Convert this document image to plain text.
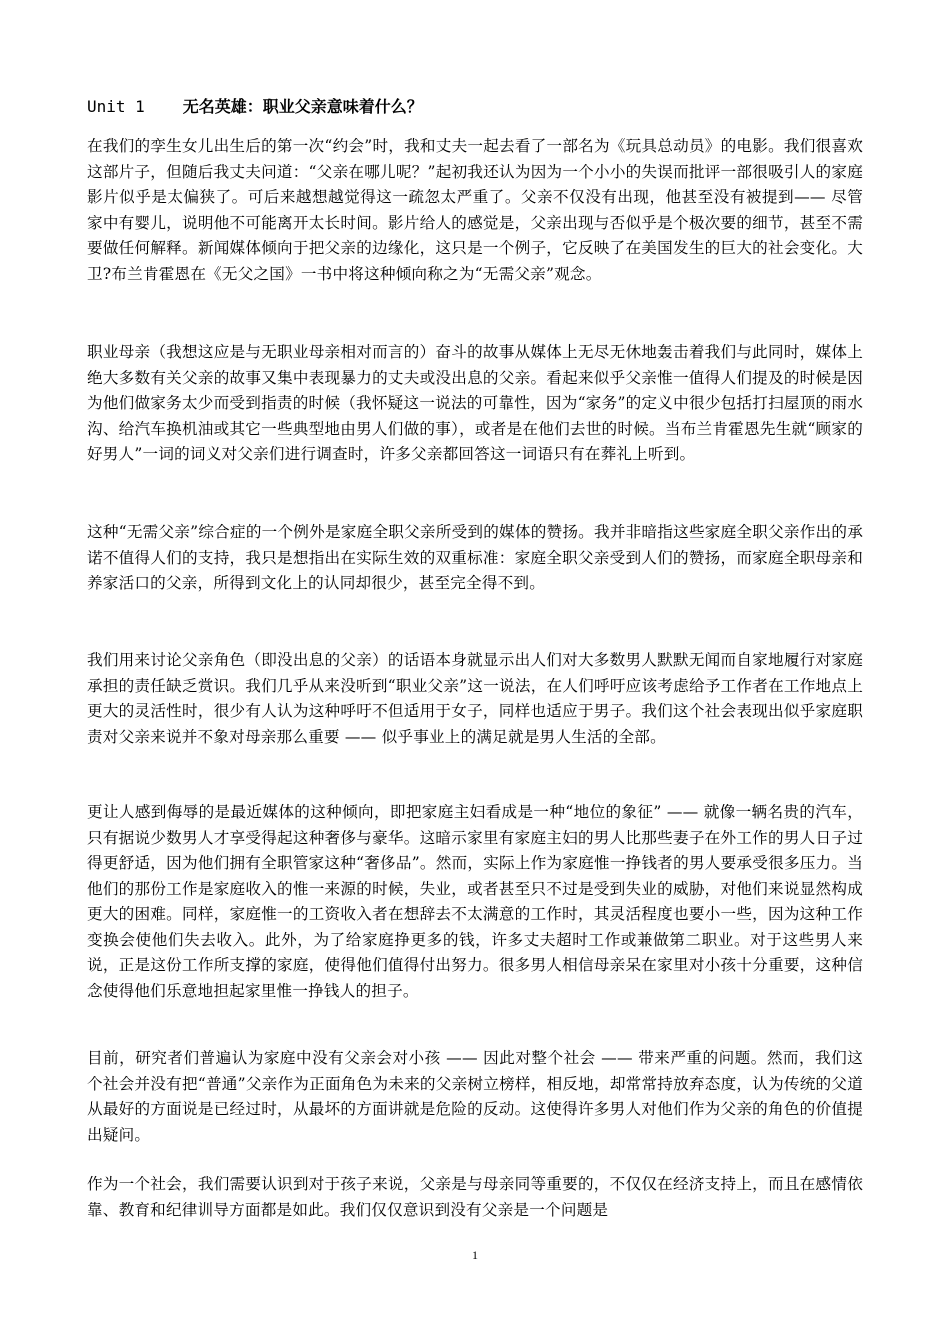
Unit 1 无名英雄：职业父亲意味着什么？
在我们的孪生女儿出生后的第一次“约会”时，我和丈夫一起去看了一部名为《玩具总动员》的电影。我们很喜欢这部片子，但随后我丈夫问道：“父亲在哪儿呢？”起初我还认为因为一个小小的失误而批评一部很吸引人的家庭影片似乎是太偏狭了。可后来越想越觉得这一疏忽太严重了。父亲不仅没有出现，他甚至没有被提到—— 尽管家中有婴儿，说明他不可能离开太长时间。影片给人的感觉是，父亲出现与否似乎是个极次要的细节，甚至不需要做任何解释。新闻媒体倾向于把父亲的边缘化，这只是一个例子，它反映了在美国发生的巨大的社会变化。大卫?布兰肯霍恩在《无父之国》一书中将这种倾向称之为“无需父亲”观念。
职业母亲（我想这应是与无职业母亲相对而言的）奋斗的故事从媒体上无尽无休地轰击着我们与此同时，媒体上绝大多数有关父亲的故事又集中表现暴力的丈夫或没出息的父亲。看起来似乎父亲惟一值得人们提及的时候是因为他们做家务太少而受到指责的时候（我怀疑这一说法的可靠性，因为“家务”的定义中很少包括打扫屋顶的雨水沟、给汽车换机油或其它一些典型地由男人们做的事），或者是在他们去世的时候。当布兰肯霍恩先生就“顾家的好男人”一词的词义对父亲们进行调查时，许多父亲都回答这一词语只有在葬礼上听到。
这种“无需父亲”综合症的一个例外是家庭全职父亲所受到的媒体的赞扬。我并非暗指这些家庭全职父亲作出的承诺不值得人们的支持，我只是想指出在实际生效的双重标准：家庭全职父亲受到人们的赞扬，而家庭全职母亲和养家活口的父亲，所得到文化上的认同却很少，甚至完全得不到。
我们用来讨论父亲角色（即没出息的父亲）的话语本身就显示出人们对大多数男人默默无闻而自家地履行对家庭承担的责任缺乏赏识。我们几乎从来没听到“职业父亲”这一说法，在人们呼吁应该考虑给予工作者在工作地点上更大的灵活性时，很少有人认为这种呼吁不但适用于女子，同样也适应于男子。我们这个社会表现出似乎家庭职责对父亲来说并不象对母亲那么重要 —— 似乎事业上的满足就是男人生活的全部。
更让人感到侮辱的是最近媒体的这种倾向，即把家庭主妇看成是一种“地位的象征” —— 就像一辆名贵的汽车，只有据说少数男人才享受得起这种奢侈与豪华。这暗示家里有家庭主妇的男人比那些妻子在外工作的男人日子过得更舒适，因为他们拥有全职管家这种“奢侈品”。然而，实际上作为家庭惟一挣钱者的男人要承受很多压力。当他们的那份工作是家庭收入的惟一来源的时候，失业，或者甚至只不过是受到失业的威胁，对他们来说显然构成更大的困难。同样，家庭惟一的工资收入者在想辞去不太满意的工作时，其灵活程度也要小一些，因为这种工作变换会使他们失去收入。此外，为了给家庭挣更多的钱，许多丈夫超时工作或兼做第二职业。对于这些男人来说，正是这份工作所支撑的家庭，使得他们值得付出努力。很多男人相信母亲呆在家里对小孩十分重要，这种信念使得他们乐意地担起家里惟一挣钱人的担子。
目前，研究者们普遍认为家庭中没有父亲会对小孩 —— 因此对整个社会 —— 带来严重的问题。然而，我们这个社会并没有把“普通”父亲作为正面角色为未来的父亲树立榜样，相反地，却常常持放弃态度，认为传统的父道从最好的方面说是已经过时，从最坏的方面讲就是危险的反动。这使得许多男人对他们作为父亲的角色的价值提出疑问。
作为一个社会，我们需要认识到对于孩子来说，父亲是与母亲同等重要的，不仅仅在经济支持上，而且在感情依靠、教育和纪律训导方面都是如此。我们仅仅意识到没有父亲是一个问题是
1
